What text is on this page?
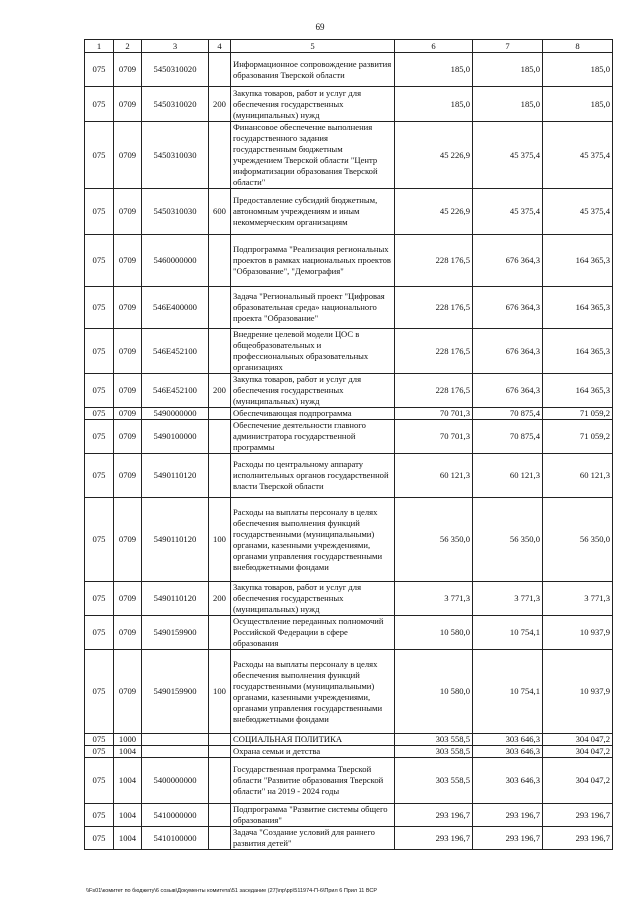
69
1	2	3	4	5	6	7	8
075	0709	5450310020		Информационное сопровождение развития образования Тверской области	185,0	185,0	185,0
075	0709	5450310020	200	Закупка товаров, работ и услуг для обеспечения государственных (муниципальных) нужд	185,0	185,0	185,0
075	0709	5450310030		Финансовое обеспечение выполнения государственного задания государственным бюджетным учреждением Тверской области "Центр информатизации образования Тверской области"	45 226,9	45 375,4	45 375,4
075	0709	5450310030	600	Предоставление субсидий бюджетным, автономным учреждениям и иным некоммерческим организациям	45 226,9	45 375,4	45 375,4
075	0709	5460000000		Подпрограмма "Реализация региональных проектов в рамках национальных проектов "Образование", "Демография"	228 176,5	676 364,3	164 365,3
075	0709	546E400000		Задача "Региональный проект "Цифровая образовательная среда» национального проекта "Образование"	228 176,5	676 364,3	164 365,3
075	0709	546E452100		Внедрение целевой модели ЦОС в общеобразовательных и профессиональных образовательных организациях	228 176,5	676 364,3	164 365,3
075	0709	546E452100	200	Закупка товаров, работ и услуг для обеспечения государственных (муниципальных) нужд	228 176,5	676 364,3	164 365,3
075	0709	5490000000		Обеспечивающая подпрограмма	70 701,3	70 875,4	71 059,2
075	0709	5490100000		Обеспечение деятельности главного администратора государственной программы	70 701,3	70 875,4	71 059,2
075	0709	5490110120		Расходы по центральному аппарату исполнительных органов государственной власти Тверской области	60 121,3	60 121,3	60 121,3
075	0709	5490110120	100	Расходы на выплаты персоналу в целях обеспечения выполнения функций государственными (муниципальными) органами, казенными учреждениями, органами управления государственными внебюджетными фондами	56 350,0	56 350,0	56 350,0
075	0709	5490110120	200	Закупка товаров, работ и услуг для обеспечения государственных (муниципальных) нужд	3 771,3	3 771,3	3 771,3
075	0709	5490159900		Осуществление переданных полномочий Российской Федерации в сфере образования	10 580,0	10 754,1	10 937,9
075	0709	5490159900	100	Расходы на выплаты персоналу в целях обеспечения выполнения функций государственными (муниципальными) органами, казенными учреждениями, органами управления государственными внебюджетными фондами	10 580,0	10 754,1	10 937,9
075	1000			СОЦИАЛЬНАЯ ПОЛИТИКА	303 558,5	303 646,3	304 047,2
075	1004			Охрана семьи и детства	303 558,5	303 646,3	304 047,2
075	1004	5400000000		Государственная программа Тверской области "Развитие образования Тверской области" на 2019 - 2024 годы	303 558,5	303 646,3	304 047,2
075	1004	5410000000		Подпрограмма "Развитие системы общего образования"	293 196,7	293 196,7	293 196,7
075	1004	5410100000		Задача "Создание условий для раннего развития детей"	293 196,7	293 196,7	293 196,7
\\Fs01\комитет по бюджету\6 созыв\Документы комитета\51 заседание (27)\пр\рр\511974-П-6\Прил 6 Прил 11 ВСР
